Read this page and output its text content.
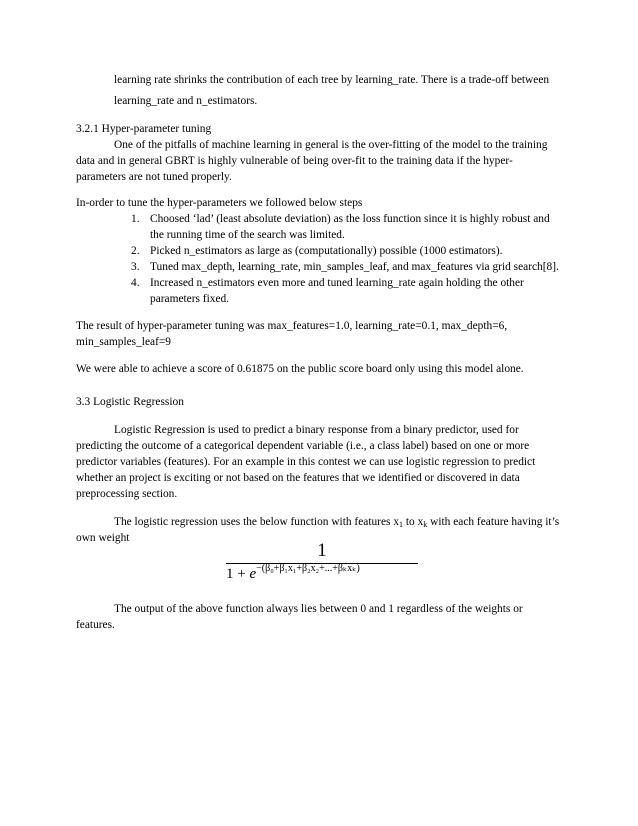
learning rate shrinks the contribution of each tree by learning_rate. There is a trade-off between
learning_rate and n_estimators.
3.2.1 Hyper-parameter tuning
One of the pitfalls of machine learning in general is the over-fitting of the model to the training
data and in general GBRT is highly vulnerable of being over-fit to the training data if the hyper-
parameters are not tuned properly.
In-order to tune the hyper-parameters we followed below steps
1. Choosed ‘lad’ (least absolute deviation) as the loss function since it is highly robust and
the running time of the search was limited.
2. Picked n_estimators as large as (computationally) possible (1000 estimators).
3. Tuned max_depth, learning_rate, min_samples_leaf, and max_features via grid search[8].
4. Increased n_estimators even more and tuned learning_rate again holding the other
parameters fixed.
The result of hyper-parameter tuning was max_features=1.0, learning_rate=0.1, max_depth=6,
min_samples_leaf=9
We were able to achieve a score of 0.61875 on the public score board only using this model alone.
3.3 Logistic Regression
Logistic Regression is used to predict a binary response from a binary predictor, used for
predicting the outcome of a categorical dependent variable (i.e., a class label) based on one or more
predictor variables (features). For an example in this contest we can use logistic regression to predict
whether an project is exciting or not based on the features that we identified or discovered in data
preprocessing section.
The logistic regression uses the below function with features $x_1$ to $x_k$ with each feature having it’s
own weight
1
$1 + e^{-(\beta_0+\beta_1x_1+\beta_2x_2+...+\beta_kx_k)}$
The output of the above function always lies between 0 and 1 regardless of the weights or
features.
